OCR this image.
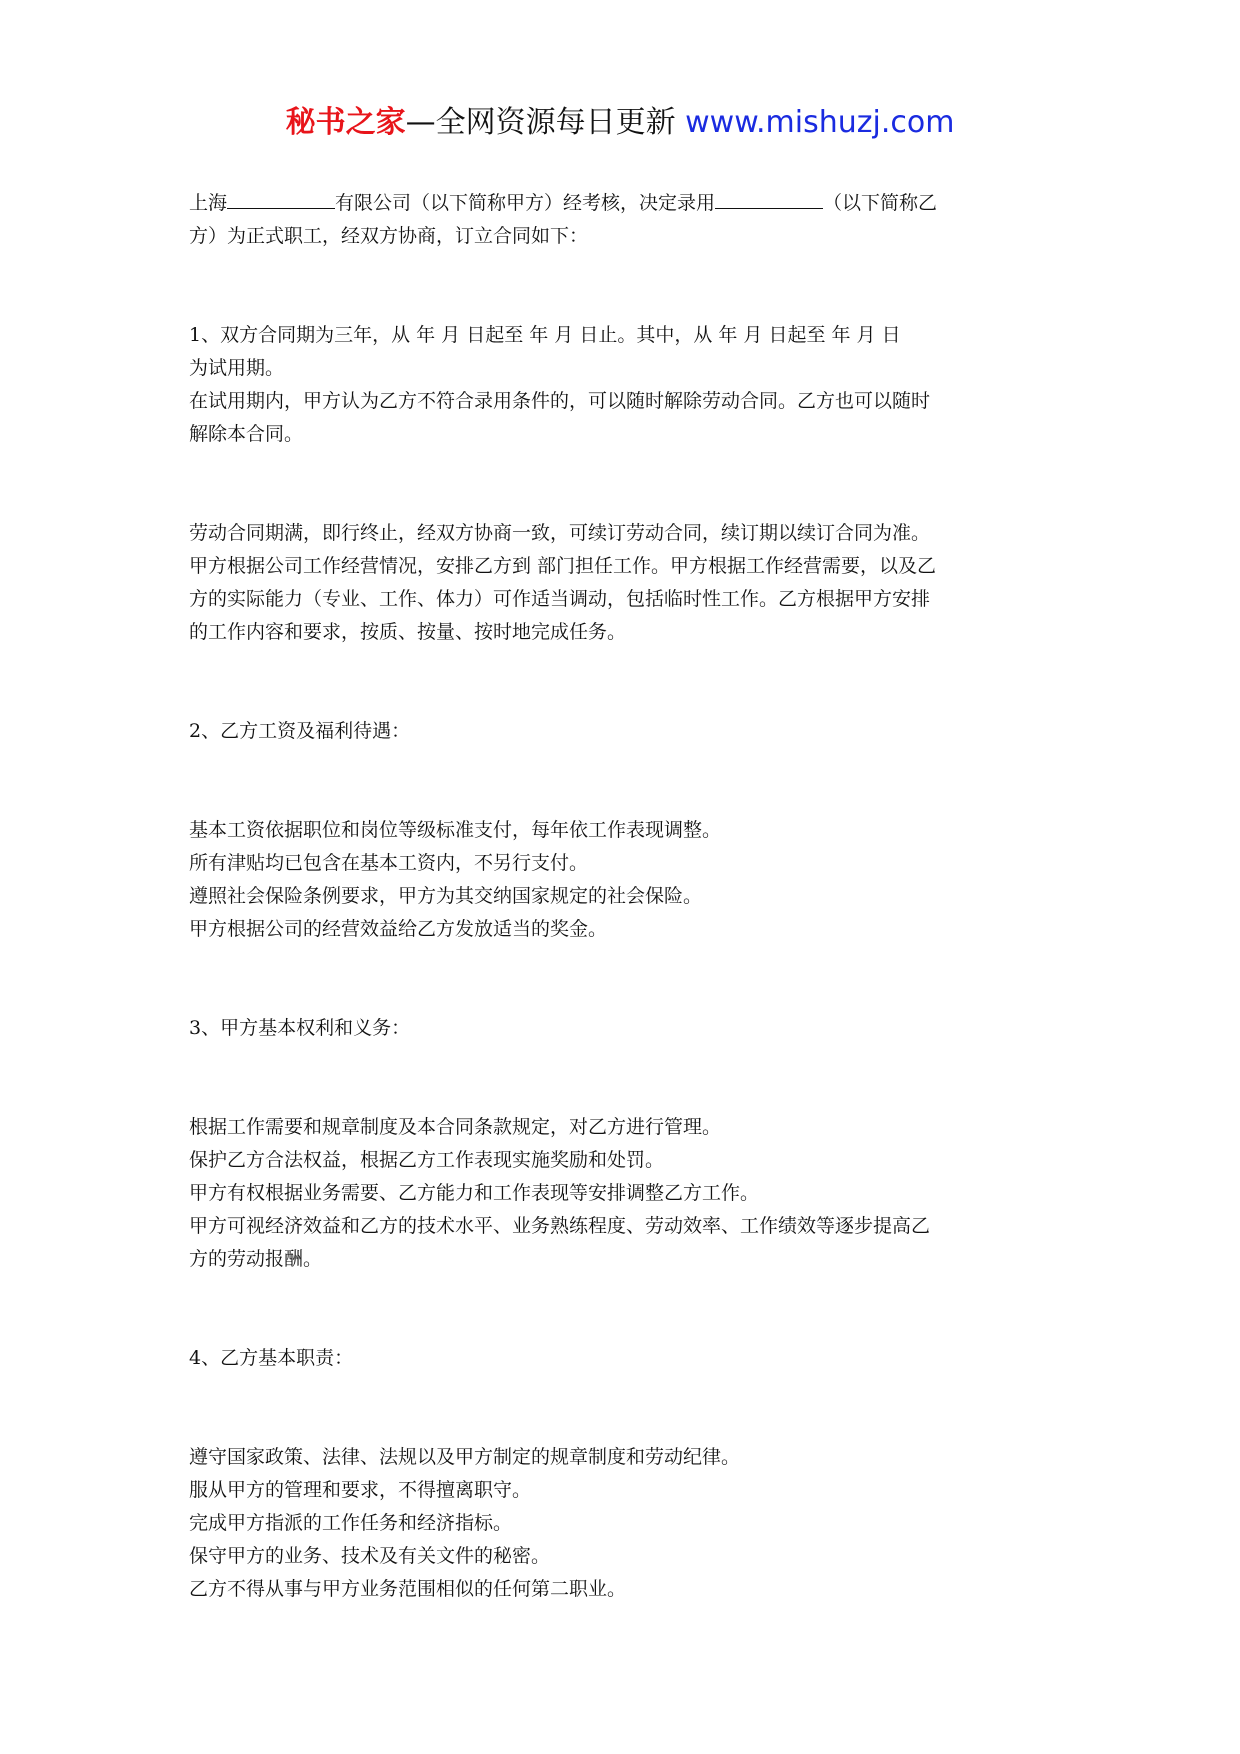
秘书之家—全网资源每日更新 www.mishuzj.com

上海	有限公司（以下简称甲方）经考核，决定录用	（以下简称乙

方）为正式职工，经双方协商，订立合同如下：

1、双方合同期为三年，从 年 月 日起至 年 月 日止。其中，从 年 月 日起至 年 月 日

为试用期。

在试用期内，甲方认为乙方不符合录用条件的，可以随时解除劳动合同。乙方也可以随时

解除本合同。

劳动合同期满，即行终止，经双方协商一致，可续订劳动合同，续订期以续订合同为准。

甲方根据公司工作经营情况，安排乙方到 部门担任工作。甲方根据工作经营需要，以及乙

方的实际能力（专业、工作、体力）可作适当调动，包括临时性工作。乙方根据甲方安排

的工作内容和要求，按质、按量、按时地完成任务。

2、乙方工资及福利待遇：

基本工资依据职位和岗位等级标准支付，每年依工作表现调整。

所有津贴均已包含在基本工资内，不另行支付。

遵照社会保险条例要求，甲方为其交纳国家规定的社会保险。

甲方根据公司的经营效益给乙方发放适当的奖金。

3、甲方基本权利和义务：

根据工作需要和规章制度及本合同条款规定，对乙方进行管理。

保护乙方合法权益，根据乙方工作表现实施奖励和处罚。

甲方有权根据业务需要、乙方能力和工作表现等安排调整乙方工作。

甲方可视经济效益和乙方的技术水平、业务熟练程度、劳动效率、工作绩效等逐步提高乙

方的劳动报酬。

4、乙方基本职责：

遵守国家政策、法律、法规以及甲方制定的规章制度和劳动纪律。

服从甲方的管理和要求，不得擅离职守。

完成甲方指派的工作任务和经济指标。

保守甲方的业务、技术及有关文件的秘密。

乙方不得从事与甲方业务范围相似的任何第二职业。
